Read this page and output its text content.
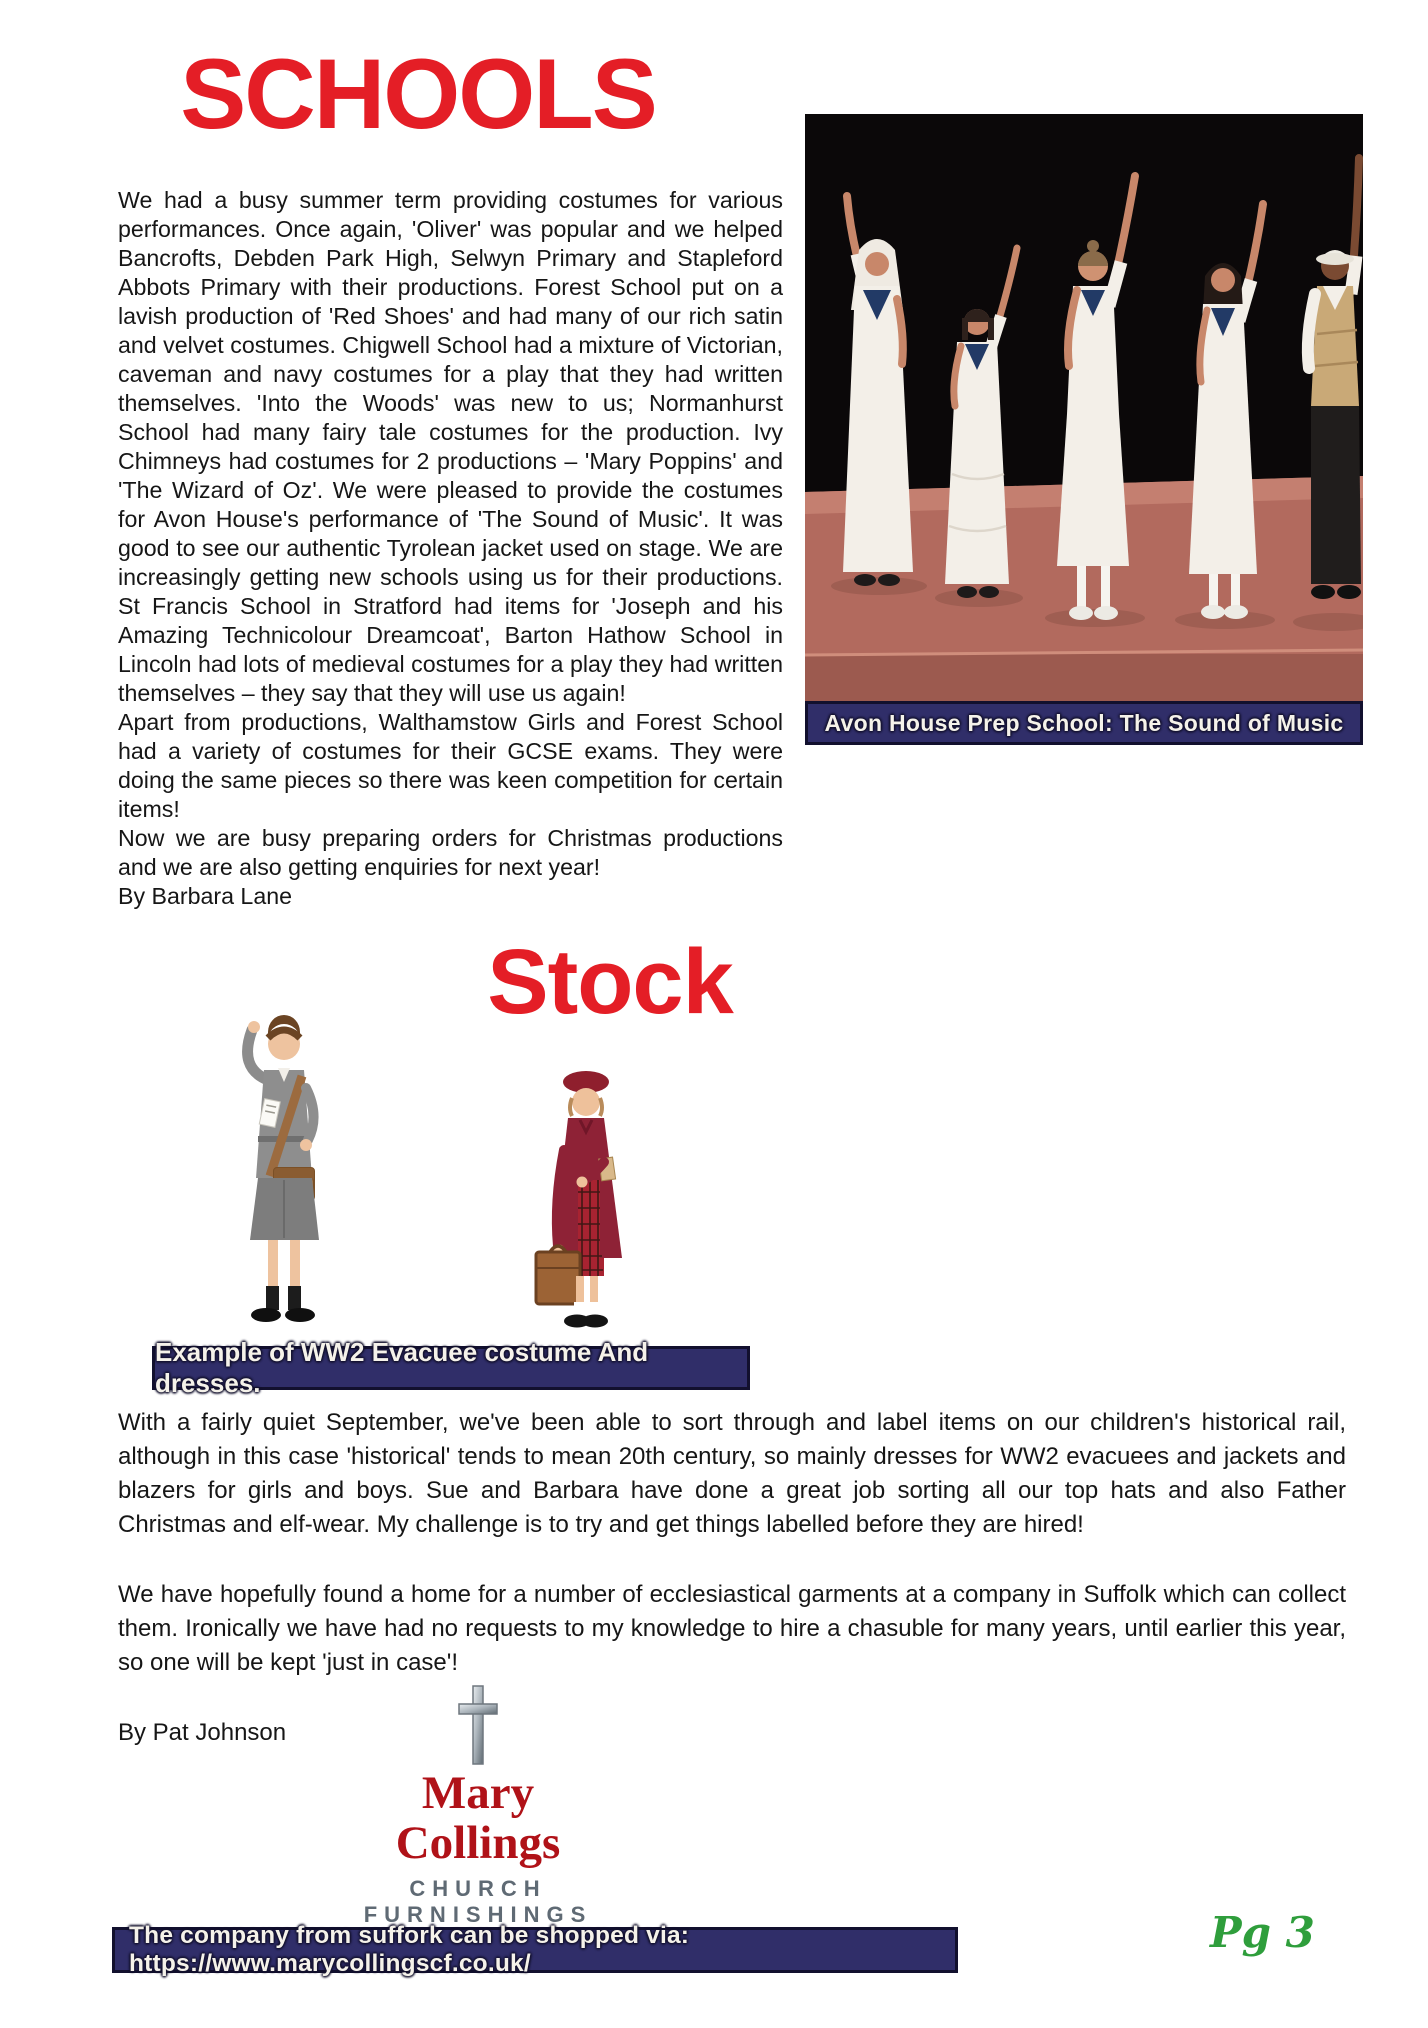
SCHOOLS

We had a busy summer term providing costumes for various performances. Once again, 'Oliver' was popular and we helped Bancrofts, Debden Park High, Selwyn Primary and Stapleford Abbots Primary with their productions. Forest School put on a lavish production of 'Red Shoes' and had many of our rich satin and velvet costumes. Chigwell School had a mixture of Victorian, caveman and navy costumes for a play that they had written themselves. 'Into the Woods' was new to us; Normanhurst School had many fairy tale costumes for the production. Ivy Chimneys had costumes for 2 productions – 'Mary Poppins' and 'The Wizard of Oz'. We were pleased to provide the costumes for Avon House's performance of 'The Sound of Music'. It was good to see our authentic Tyrolean jacket used on stage. We are increasingly getting new schools using us for their productions. St Francis School in Stratford had items for 'Joseph and his Amazing Technicolour Dreamcoat', Barton Hathow School in Lincoln had lots of medieval costumes for a play they had written themselves – they say that they will use us again!

Apart from productions, Walthamstow Girls and Forest School had a variety of costumes for their GCSE exams. They were doing the same pieces so there was keen competition for certain items!

Now we are busy preparing orders for Christmas productions and we are also getting enquiries for next year!

By Barbara Lane

Avon House Prep School: The Sound of Music
Stock
Example of WW2 Evacuee costume And dresses.

With a fairly quiet September, we've been able to sort through and label items on our children's historical rail, although in this case 'historical' tends to mean 20th century, so mainly dresses for WW2 evacuees and jackets and blazers for girls and boys. Sue and Barbara have done a great job sorting all our top hats and also Father Christmas and elf-wear. My challenge is to try and get things labelled before they are hired!

We have hopefully found a home for a number of ecclesiastical garments at a company in Suffolk which can collect them. Ironically we have had no requests to my knowledge to hire a chasuble for many years, until earlier this year, so one will be kept 'just in case'!

By Pat Johnson

Mary
Collings
CHURCH FURNISHINGS
The company from suffork can be shopped via: https://www.marycollingscf.co.uk/
Pg 3
